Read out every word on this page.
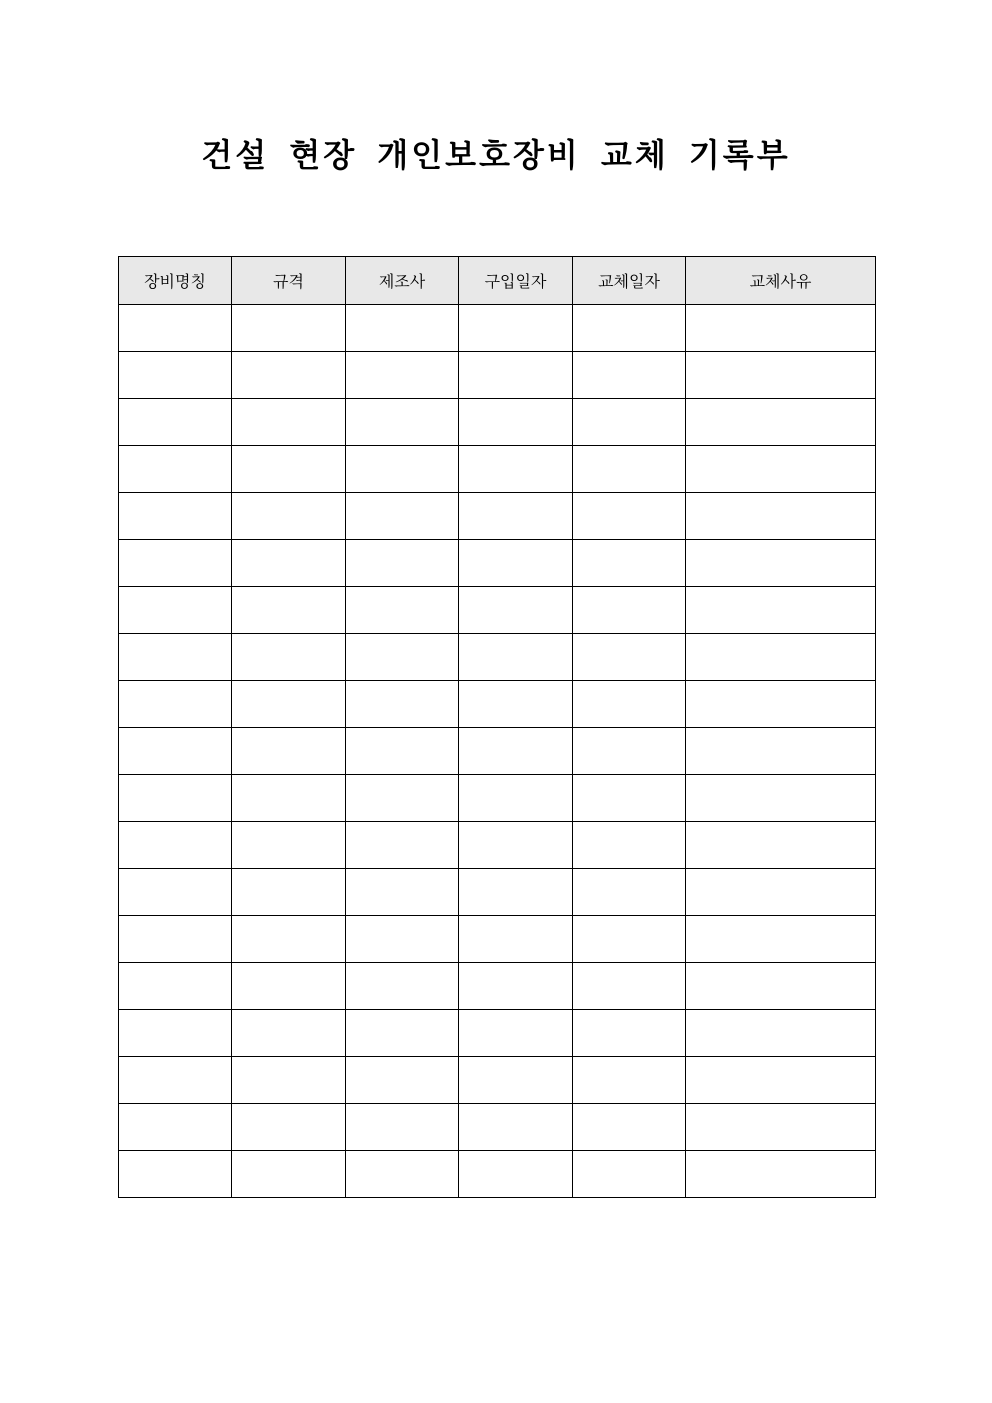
건설 현장 개인보호장비 교체 기록부
장비명칭	규격	제조사	구입일자	교체일자	교체사유
